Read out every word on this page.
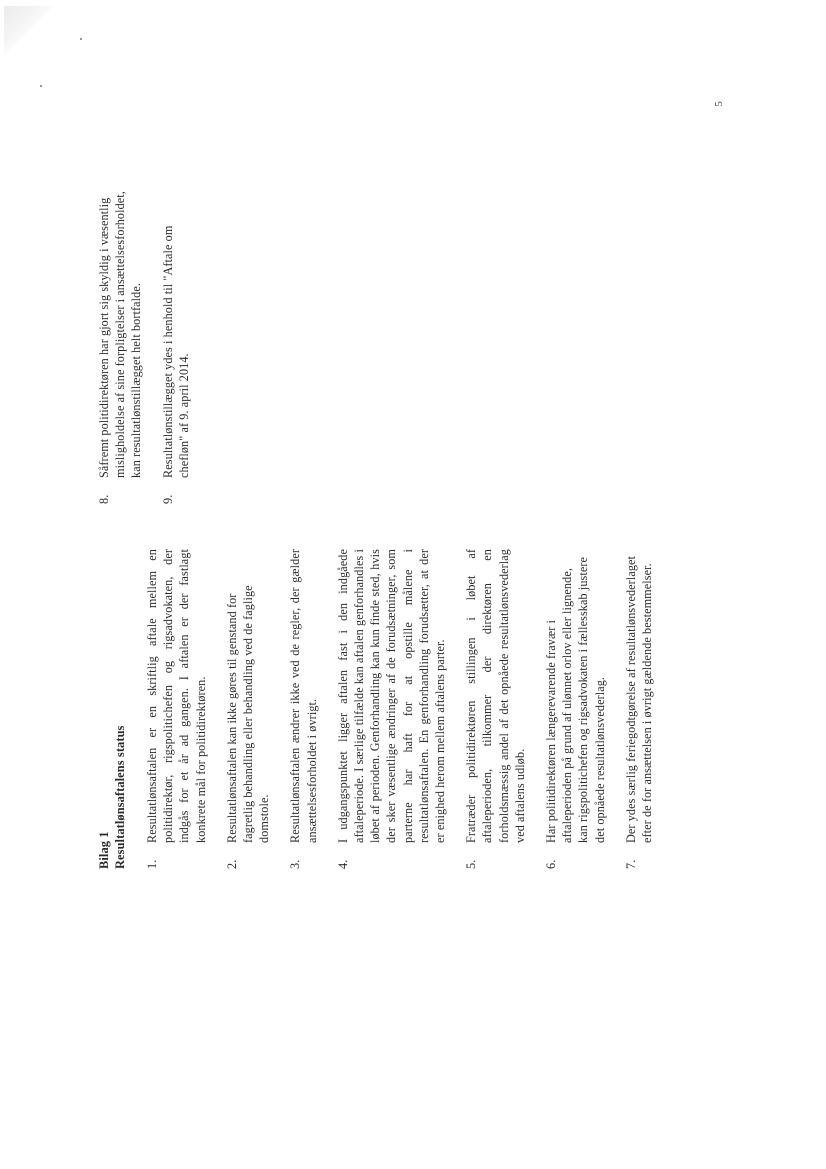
Bilag 1 Resultatlønsaftalens status 1.
Resultatlønsaftalen er en skriftlig aftale mellem en politidirektør, rigspolitichefen og rigsadvokaten, der indgås for et år ad gangen. I aftalen er der fastlagt konkrete mål for politidirektøren.
2.
Resultatlønsaftalen kan ikke gøres til genstand for fagretlig behandling eller behandling ved de faglige domstole.
3.
Resultatlønsaftalen ændrer ikke ved de regler, der gælder ansættelsesforholdet i øvrigt.
4.
I udgangspunktet ligger aftalen fast i den indgåede aftaleperiode. I særlige tilfælde kan aftalen genforhandles i løbet af perioden. Genforhandling kan kun finde sted, hvis der sker væsentlige ændringer af de forudsætninger, som parterne har haft for at opstille målene i resultatlønsaftalen. En genforhandling forudsætter, at der er enighed herom mellem aftalens parter.
5.
Fratræder politidirektøren stillingen i løbet af aftaleperioden, tilkommer der direktøren en forholdsmæssig andel af det opnåede resultatlønsvederlag ved aftalens udløb.
6.
Har politidirektøren længerevarende fravær i aftaleperioden på grund af ulønnet orlov eller lignende, kan rigspolitichefen og rigsadvokaten i fællesskab justere det opnåede resultatlønsvederlag.
7.
Der ydes særlig feriegodtgørelse af resultatlønsvederlaget efter de for ansættelsen i øvrigt gældende bestemmelser.
8.
Såfremt politidirektøren har gjort sig skyldig i væsentlig misligholdelse af sine forpligtelser i ansættelsesforholdet, kan resultatlønstillægget helt bortfalde.
9.
Resultatlønstillægget ydes i henhold til "Aftale om chefløn" af 9. april 2014.
5
